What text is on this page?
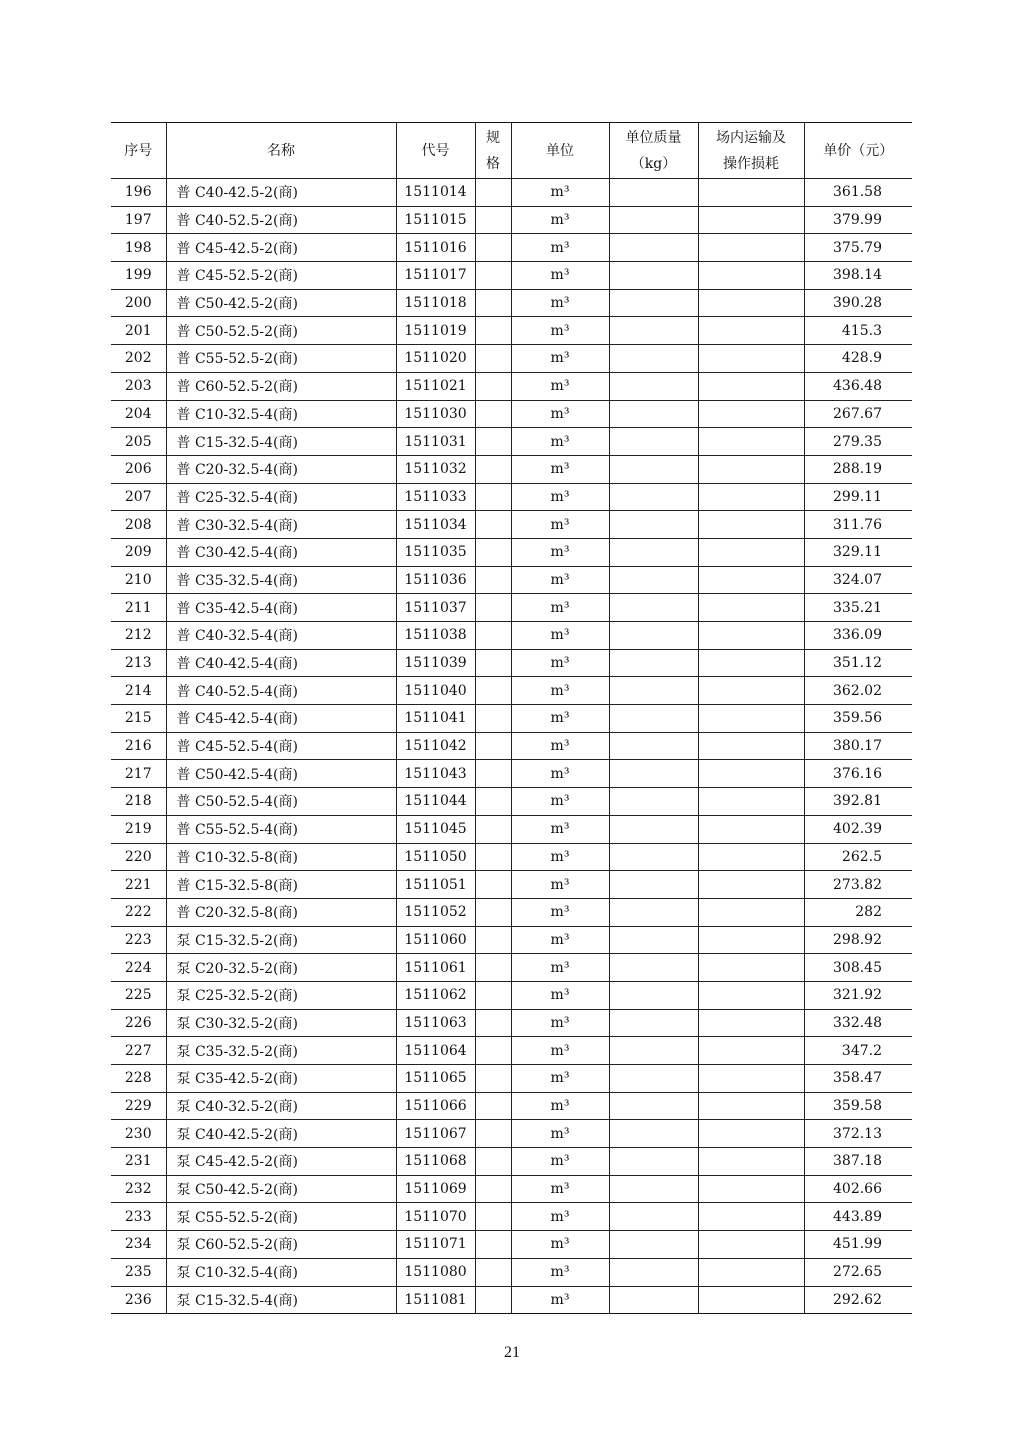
序号	名称	代号	规格	单位	单位质量（kg）	场内运输及操作损耗	单价（元）
196	普 C40-42.5-2(商)	1511014		m³			361.58
197	普 C40-52.5-2(商)	1511015		m³			379.99
198	普 C45-42.5-2(商)	1511016		m³			375.79
199	普 C45-52.5-2(商)	1511017		m³			398.14
200	普 C50-42.5-2(商)	1511018		m³			390.28
201	普 C50-52.5-2(商)	1511019		m³			415.3
202	普 C55-52.5-2(商)	1511020		m³			428.9
203	普 C60-52.5-2(商)	1511021		m³			436.48
204	普 C10-32.5-4(商)	1511030		m³			267.67
205	普 C15-32.5-4(商)	1511031		m³			279.35
206	普 C20-32.5-4(商)	1511032		m³			288.19
207	普 C25-32.5-4(商)	1511033		m³			299.11
208	普 C30-32.5-4(商)	1511034		m³			311.76
209	普 C30-42.5-4(商)	1511035		m³			329.11
210	普 C35-32.5-4(商)	1511036		m³			324.07
211	普 C35-42.5-4(商)	1511037		m³			335.21
212	普 C40-32.5-4(商)	1511038		m³			336.09
213	普 C40-42.5-4(商)	1511039		m³			351.12
214	普 C40-52.5-4(商)	1511040		m³			362.02
215	普 C45-42.5-4(商)	1511041		m³			359.56
216	普 C45-52.5-4(商)	1511042		m³			380.17
217	普 C50-42.5-4(商)	1511043		m³			376.16
218	普 C50-52.5-4(商)	1511044		m³			392.81
219	普 C55-52.5-4(商)	1511045		m³			402.39
220	普 C10-32.5-8(商)	1511050		m³			262.5
221	普 C15-32.5-8(商)	1511051		m³			273.82
222	普 C20-32.5-8(商)	1511052		m³			282
223	泵 C15-32.5-2(商)	1511060		m³			298.92
224	泵 C20-32.5-2(商)	1511061		m³			308.45
225	泵 C25-32.5-2(商)	1511062		m³			321.92
226	泵 C30-32.5-2(商)	1511063		m³			332.48
227	泵 C35-32.5-2(商)	1511064		m³			347.2
228	泵 C35-42.5-2(商)	1511065		m³			358.47
229	泵 C40-32.5-2(商)	1511066		m³			359.58
230	泵 C40-42.5-2(商)	1511067		m³			372.13
231	泵 C45-42.5-2(商)	1511068		m³			387.18
232	泵 C50-42.5-2(商)	1511069		m³			402.66
233	泵 C55-52.5-2(商)	1511070		m³			443.89
234	泵 C60-52.5-2(商)	1511071		m³			451.99
235	泵 C10-32.5-4(商)	1511080		m³			272.65
236	泵 C15-32.5-4(商)	1511081		m³			292.62
21
